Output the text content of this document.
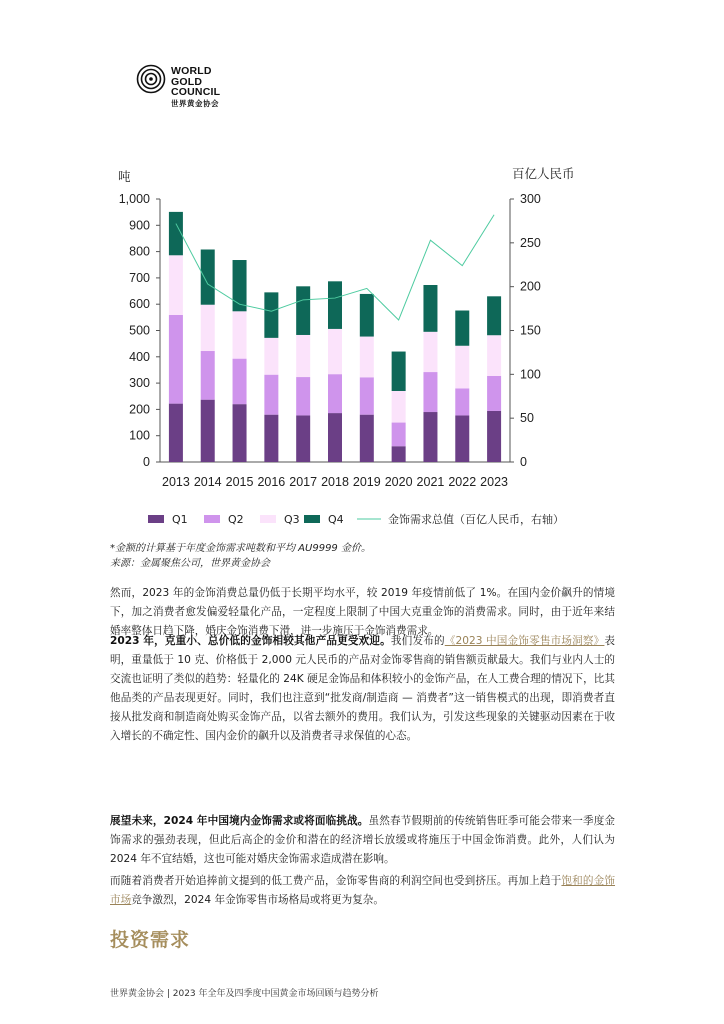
WORLD
GOLD
COUNCIL
世界黄金协会
吨	百亿人民币
0
100
200
300
400
500
600
700
800
900
1,000
0
50
100
150
200
250
300
2013 2014 2015 2016 2017 2018 2019 2020 2021 2022 2023
Q1	Q2	Q3	Q4	金饰需求总值（百亿人民币，右轴）
*金额的计算基于年度金饰需求吨数和平均 AU9999 金价。
来源：金属聚焦公司，世界黄金协会
然而，2023 年的金饰消费总量仍低于长期平均水平，较 2019 年疫情前低了 1%。在国内金价飙升的情境下，加之消费者愈发偏爱轻量化产品，一定程度上限制了中国大克重金饰的消费需求。同时，由于近年来结婚率整体日趋下降，婚庆金饰消费下滑，进一步施压于金饰消费需求。
2023 年，克重小、总价低的金饰相较其他产品更受欢迎。我们发布的《2023 中国金饰零售市场洞察》表明，重量低于 10 克、价格低于 2,000 元人民币的产品对金饰零售商的销售额贡献最大。我们与业内人士的交流也证明了类似的趋势：轻量化的 24K 硬足金饰品和体积较小的金饰产品，在人工费合理的情况下，比其他品类的产品表现更好。同时，我们也注意到“批发商/制造商 — 消费者”这一销售模式的出现，即消费者直接从批发商和制造商处购买金饰产品，以省去额外的费用。我们认为，引发这些现象的关键驱动因素在于收入增长的不确定性、国内金价的飙升以及消费者寻求保值的心态。
展望未来，2024 年中国境内金饰需求或将面临挑战。虽然春节假期前的传统销售旺季可能会带来一季度金饰需求的强劲表现，但此后高企的金价和潜在的经济增长放缓或将施压于中国金饰消费。此外，人们认为 2024 年不宜结婚，这也可能对婚庆金饰需求造成潜在影响。
而随着消费者开始追捧前文提到的低工费产品，金饰零售商的利润空间也受到挤压。再加上趋于饱和的金饰市场竞争激烈，2024 年金饰零售市场格局或将更为复杂。
投资需求
世界黄金协会 | 2023 年全年及四季度中国黄金市场回顾与趋势分析
